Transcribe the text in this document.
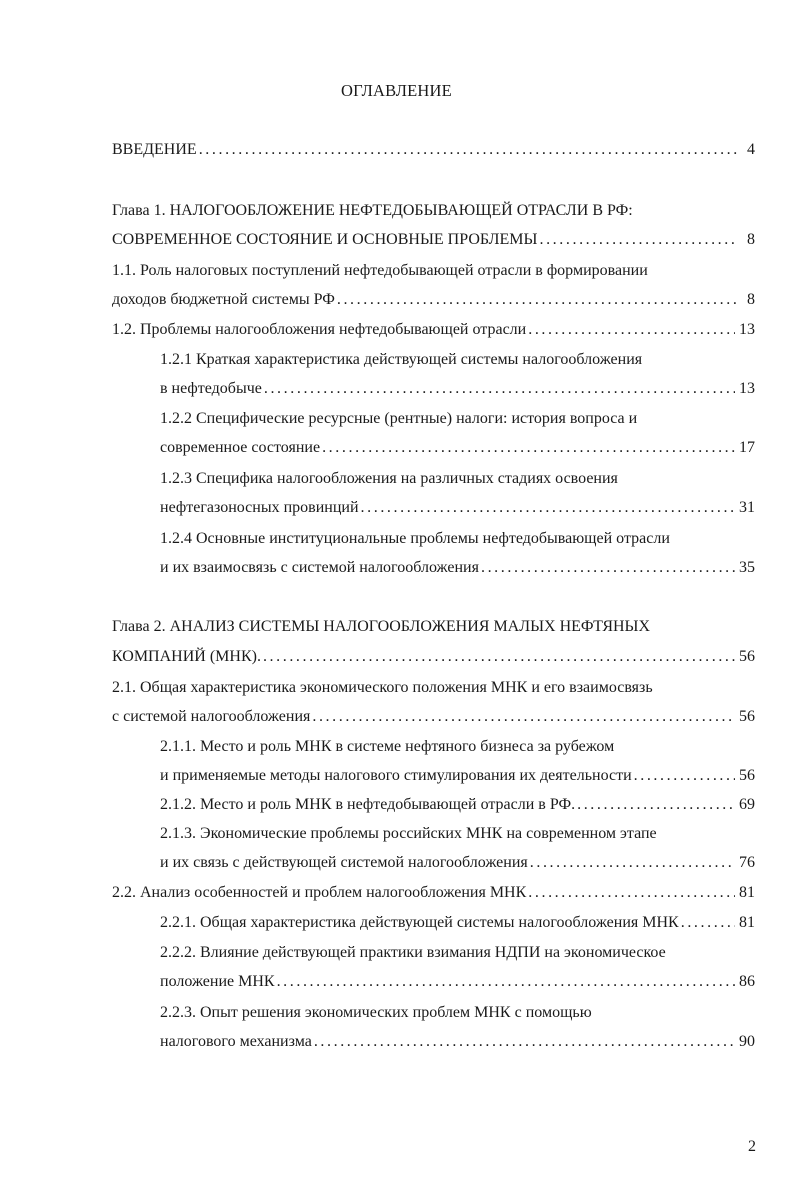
ОГЛАВЛЕНИЕ
ВВЕДЕНИЕ .....	4
Глава 1. НАЛОГООБЛОЖЕНИЕ НЕФТЕДОБЫВАЮЩЕЙ ОТРАСЛИ В РФ:
СОВРЕМЕННОЕ СОСТОЯНИЕ И ОСНОВНЫЕ ПРОБЛЕМЫ .....	8
1.1. Роль налоговых поступлений нефтедобывающей отрасли в формировании
доходов бюджетной системы РФ .....	8
1.2. Проблемы налогообложения нефтедобывающей отрасли .....	13
1.2.1 Краткая характеристика действующей системы налогообложения
в нефтедобыче .....	13
1.2.2 Специфические ресурсные (рентные) налоги: история вопроса и
современное состояние .....	17
1.2.3 Специфика налогообложения на различных стадиях освоения
нефтегазоносных провинций .....	31
1.2.4 Основные институциональные проблемы нефтедобывающей отрасли
и их взаимосвязь с системой налогообложения .....	35
Глава 2. АНАЛИЗ СИСТЕМЫ НАЛОГООБЛОЖЕНИЯ МАЛЫХ НЕФТЯНЫХ
КОМПАНИЙ (МНК). .....	56
2.1. Общая характеристика экономического положения МНК и его взаимосвязь
с системой налогообложения .....	56
2.1.1. Место и роль МНК в системе нефтяного бизнеса за рубежом
и применяемые методы налогового стимулирования их деятельности .....	56
2.1.2. Место и роль МНК в нефтедобывающей отрасли в РФ. .....	69
2.1.3. Экономические проблемы российских МНК на современном этапе
и их связь с действующей системой налогообложения .....	76
2.2. Анализ особенностей и проблем налогообложения МНК .....	81
2.2.1. Общая характеристика действующей системы налогообложения МНК .....	81
2.2.2. Влияние действующей практики взимания НДПИ на экономическое
положение МНК .....	86
2.2.3. Опыт решения экономических проблем МНК с помощью
налогового механизма .....	90
2
